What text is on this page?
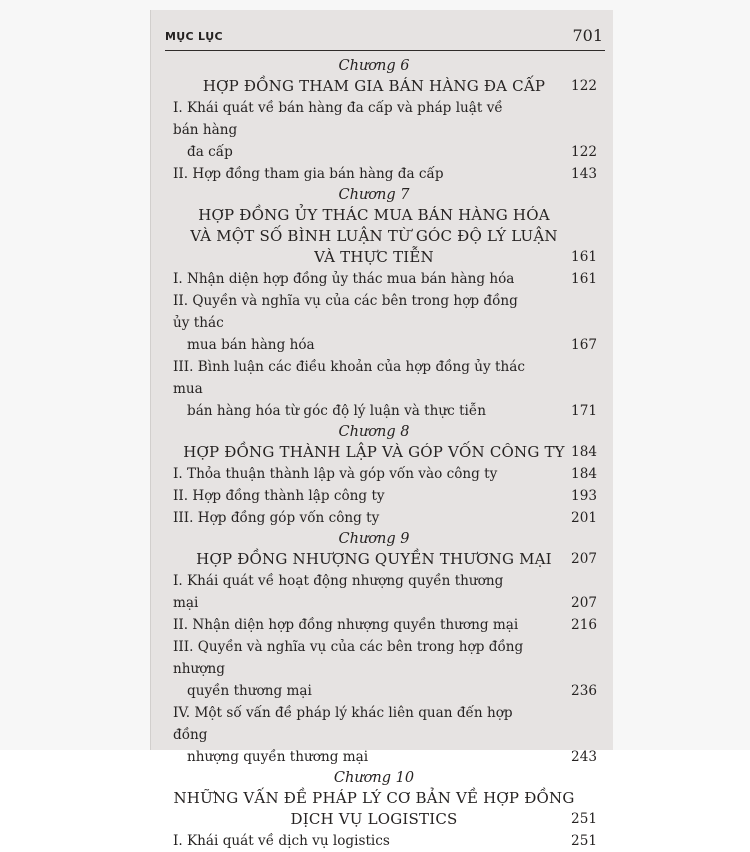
MỤC LỤC	701
Chương 6
HỢP ĐỒNG THAM GIA BÁN HÀNG ĐA CẤP	122
I. Khái quát về bán hàng đa cấp và pháp luật về bán hàng
đa cấp	122
II. Hợp đồng tham gia bán hàng đa cấp	143
Chương 7
HỢP ĐỒNG ỦY THÁC MUA BÁN HÀNG HÓA
VÀ MỘT SỐ BÌNH LUẬN TỪ GÓC ĐỘ LÝ LUẬN
VÀ THỰC TIỄN	161
I. Nhận diện hợp đồng ủy thác mua bán hàng hóa	161
II. Quyền và nghĩa vụ của các bên trong hợp đồng ủy thác
mua bán hàng hóa	167
III. Bình luận các điều khoản của hợp đồng ủy thác mua
bán hàng hóa từ góc độ lý luận và thực tiễn	171
Chương 8
HỢP ĐỒNG THÀNH LẬP VÀ GÓP VỐN CÔNG TY 184
I. Thỏa thuận thành lập và góp vốn vào công ty	184
II. Hợp đồng thành lập công ty	193
III. Hợp đồng góp vốn công ty	201
Chương 9
HỢP ĐỒNG NHƯỢNG QUYỀN THƯƠNG MẠI	207
I. Khái quát về hoạt động nhượng quyền thương mại	207
II. Nhận diện hợp đồng nhượng quyền thương mại	216
III. Quyền và nghĩa vụ của các bên trong hợp đồng nhượng
quyền thương mại	236
IV. Một số vấn đề pháp lý khác liên quan đến hợp đồng
nhượng quyền thương mại	243
Chương 10
NHỮNG VẤN ĐỀ PHÁP LÝ CƠ BẢN VỀ HỢP ĐỒNG
DỊCH VỤ LOGISTICS	251
I. Khái quát về dịch vụ logistics	251
